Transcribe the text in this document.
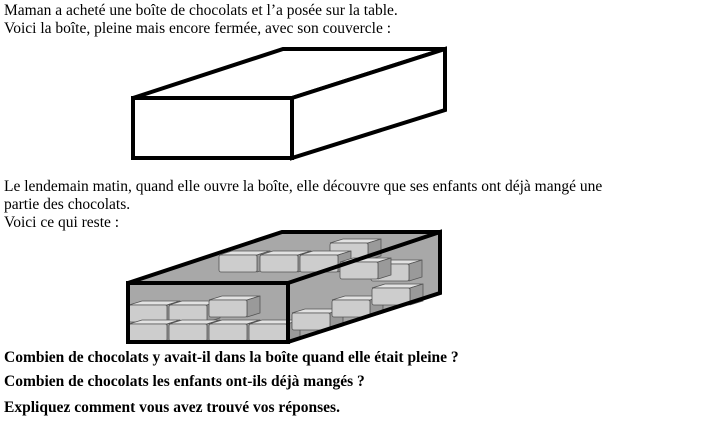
Maman a acheté une boîte de chocolats et l’a posée sur la table.

Voici la boîte, pleine mais encore fermée, avec son couvercle :

Le lendemain matin, quand elle ouvre la boîte, elle découvre que ses enfants ont déjà mangé une

partie des chocolats.

Voici ce qui reste :

Combien de chocolats y avait-il dans la boîte quand elle était pleine ?

Combien de chocolats les enfants ont-ils déjà mangés ?

Expliquez comment vous avez trouvé vos réponses.
